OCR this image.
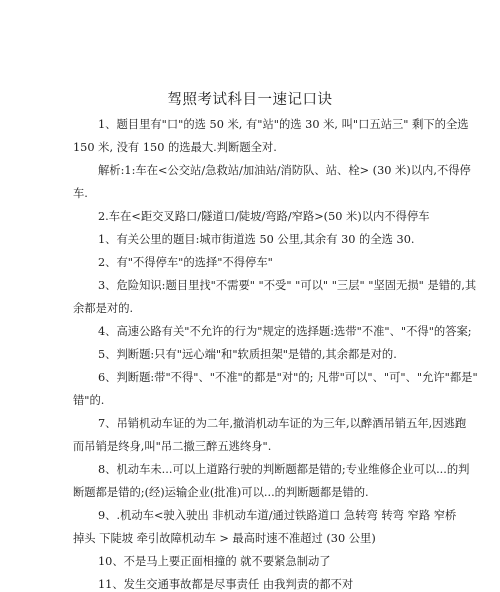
驾照考试科目一速记口诀
1、题目里有"口"的选 50 米, 有"站"的选 30 米, 叫"口五站三" 剩下的全选
150 米, 没有 150 的选最大.判断题全对.
解析:1:车在<公交站/急救站/加油站/消防队、站、栓> (30 米)以内,不得停
车.
2.车在<距交叉路口/隧道口/陡坡/弯路/窄路>(50 米)以内不得停车
1、有关公里的题目:城市街道选 50 公里,其余有 30 的全选 30.
2、有"不得停车"的选择"不得停车"
3、危险知识:题目里找"不需要" "不受" "可以" "三层" "坚固无损" 是错的,其
余都是对的.
4、高速公路有关"不允许的行为"规定的选择题:选带"不准"、"不得"的答案;
5、判断题:只有"远心端"和"软质担架"是错的,其余都是对的.
6、判断题:带"不得"、"不准"的都是"对"的; 凡带"可以"、"可"、"允许"都是"
错"的.
7、吊销机动车证的为二年,撤消机动车证的为三年,以醉酒吊销五年,因逃跑
而吊销是终身,叫"吊二撤三醉五逃终身".
8、机动车未...可以上道路行驶的判断题都是错的;专业维修企业可以...的判
断题都是错的;(经)运输企业(批准)可以...的判断题都是错的.
9、.机动车<驶入驶出 非机动车道/通过铁路道口 急转弯 转弯 窄路 窄桥
掉头 下陡坡 牵引故障机动车 > 最高时速不准超过 (30 公里)
10、不是马上要正面相撞的 就不要紧急制动了
11、发生交通事故都是尽事责任 由我判责的都不对
